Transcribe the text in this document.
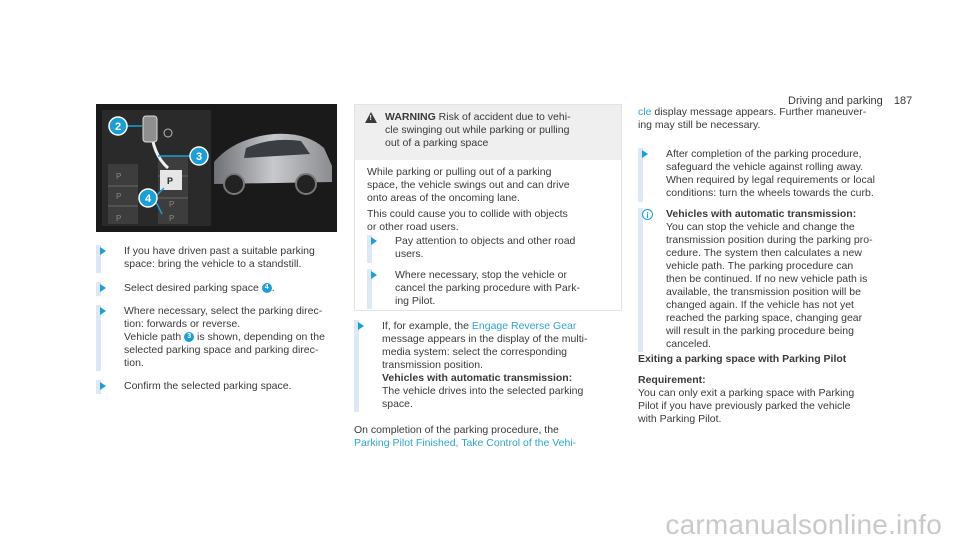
Driving and parking 187
2
3
4
P
P
P
P
P
P
If you have driven past a suitable parking space: bring the vehicle to a standstill.
Select desired parking space 4 .
Where necessary, select the parking direc-
tion: forwards or reverse.
Vehicle path 3 is shown, depending on the
selected parking space and parking direc-
tion.
Confirm the selected parking space.
! WARNING Risk of accident due to vehi-
cle swinging out while parking or pulling
out of a parking space
While parking or pulling out of a parking
space, the vehicle swings out and can drive
onto areas of the oncoming lane.
This could cause you to collide with objects
or other road users.
Pay attention to objects and other road
users.
Where necessary, stop the vehicle or
cancel the parking procedure with Park-
ing Pilot.
If, for example, the Engage Reverse Gear
message appears in the display of the multi-
media system: select the corresponding
transmission position.
Vehicles with automatic transmission:
The vehicle drives into the selected parking
space.
On completion of the parking procedure, the
Parking Pilot Finished, Take Control of the Vehi-
cle display message appears. Further maneuver-
ing may still be necessary.
After completion of the parking procedure,
safeguard the vehicle against rolling away.
When required by legal requirements or local
conditions: turn the wheels towards the curb.
i	Vehicles with automatic transmission:
You can stop the vehicle and change the
transmission position during the parking pro-
cedure. The system then calculates a new
vehicle path. The parking procedure can
then be continued. If no new vehicle path is
available, the transmission position will be
changed again. If the vehicle has not yet
reached the parking space, changing gear
will result in the parking procedure being
canceled.
Exiting a parking space with Parking Pilot
Requirement:
You can only exit a parking space with Parking
Pilot if you have previously parked the vehicle
with Parking Pilot.
carmanualsonline.info
